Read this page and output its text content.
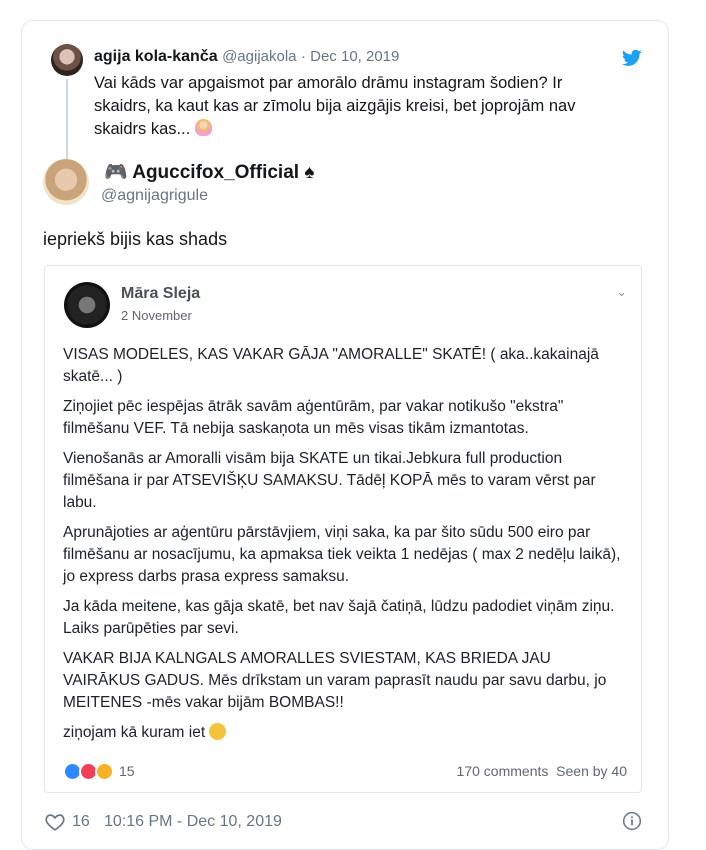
agija kola-kanča @agijakola · Dec 10, 2019
Vai kāds var apgaismot par amorālo drāmu instagram šodien? Ir skaidrs, ka kaut kas ar zīmolu bija aizgājis kreisi, bet joprojām nav skaidrs kas...
🎮 Aguccifox_Official ♠
@agnijagrigule
iepriekš bijis kas shads
Māra Sleja
2 November
⌄

VISAS MODELES, KAS VAKAR GĀJA "AMORALLE" SKATĒ! ( aka..kakainajā skatē... )

Ziņojiet pēc iespējas ātrāk savām aģentūrām, par vakar notikušo "ekstra" filmēšanu VEF. Tā nebija saskaņota un mēs visas tikām izmantotas.

Vienošanās ar Amoralli visām bija SKATE un tikai.Jebkura full production filmēšana ir par ATSEVIŠĶU SAMAKSU. Tādēļ KOPĀ mēs to varam vērst par labu.

Aprunājoties ar aģentūru pārstāvjiem, viņi saka, ka par šito sūdu 500 eiro par filmēšanu ar nosacījumu, ka apmaksa tiek veikta 1 nedējas ( max 2 nedēļu laikā), jo express darbs prasa express samaksu.

Ja kāda meitene, kas gāja skatē, bet nav šajā čatiņā, lūdzu padodiet viņām ziņu. Laiks parūpēties par sevi.

VAKAR BIJA KALNGALS AMORALLES SVIESTAM, KAS BRIEDA JAU VAIRĀKUS GADUS. Mēs drīkstam un varam paprasīt naudu par savu darbu, jo MEITENES -mēs vakar bijām BOMBAS!!

ziņojam kā kuram iet

15	170 comments Seen by 40
16 10:16 PM - Dec 10, 2019
